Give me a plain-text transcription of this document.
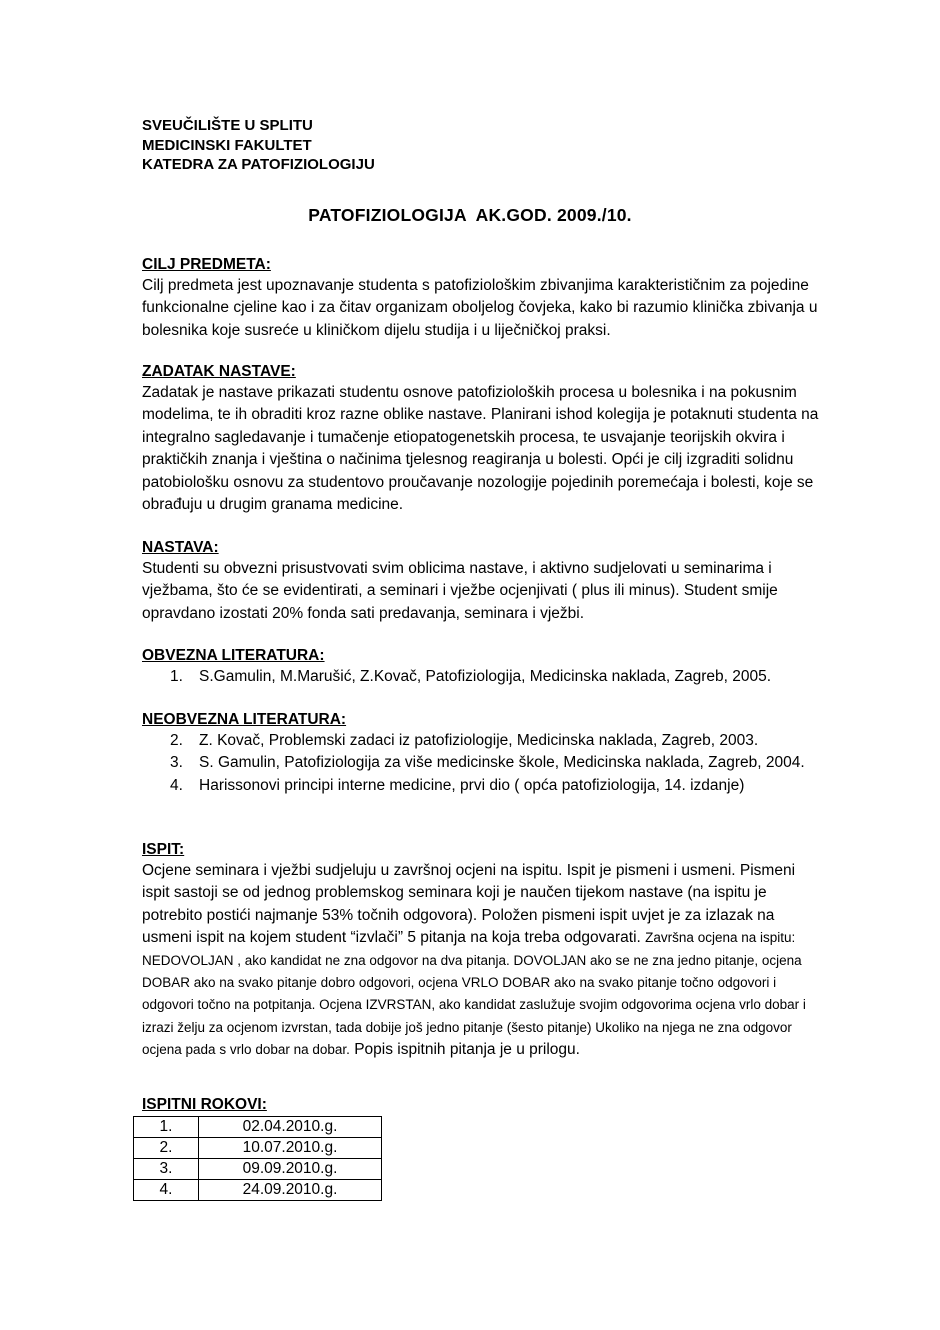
SVEUČILIŠTE U SPLITU
MEDICINSKI FAKULTET
KATEDRA ZA PATOFIZIOLOGIJU
PATOFIZIOLOGIJA  AK.GOD. 2009./10.
CILJ PREDMETA:

Cilj predmeta jest upoznavanje studenta s patofiziološkim zbivanjima karakterističnim za pojedine funkcionalne cjeline kao i za čitav organizam oboljelog čovjeka, kako bi razumio klinička zbivanja u bolesnika koje susreće u kliničkom dijelu studija i u liječničkoj praksi.

ZADATAK NASTAVE:

Zadatak je nastave prikazati studentu osnove patofizioloških procesa u bolesnika i na pokusnim modelima, te ih obraditi kroz razne oblike nastave. Planirani ishod kolegija je potaknuti studenta na integralno sagledavanje i tumačenje etiopatogenetskih procesa, te usvajanje teorijskih okvira i praktičkih znanja i vještina o načinima tjelesnog reagiranja u bolesti. Opći je cilj izgraditi solidnu patobiološku osnovu za studentovo proučavanje nozologije pojedinih poremećaja i bolesti, koje se obrađuju u drugim granama medicine.

NASTAVA:

Studenti su obvezni prisustvovati svim oblicima nastave, i aktivno sudjelovati u seminarima i vježbama, što će se evidentirati, a seminari i vježbe ocjenjivati ( plus ili minus). Student smije opravdano izostati 20% fonda sati predavanja, seminara i vježbi.

OBVEZNA LITERATURA:
1. S.Gamulin, M.Marušić, Z.Kovač, Patofiziologija, Medicinska naklada, Zagreb, 2005.
NEOBVEZNA LITERATURA:
2. Z. Kovač, Problemski zadaci iz patofiziologije, Medicinska naklada, Zagreb, 2003.
3. S. Gamulin, Patofiziologija za više medicinske škole, Medicinska naklada, Zagreb, 2004.
4. Harissonovi principi interne medicine, prvi dio ( opća patofiziologija, 14. izdanje)
ISPIT:

Ocjene seminara i vježbi sudjeluju u završnoj ocjeni na ispitu. Ispit je pismeni i usmeni. Pismeni ispit sastoji se od jednog problemskog seminara koji je naučen tijekom nastave (na ispitu je potrebito postići najmanje 53% točnih odgovora). Položen pismeni ispit uvjet je za izlazak na usmeni ispit na kojem student “izvlači” 5 pitanja na koja treba odgovarati. Završna ocjena na ispitu: NEDOVOLJAN , ako kandidat ne zna odgovor na dva pitanja. DOVOLJAN ako se ne zna jedno pitanje, ocjena DOBAR ako na svako pitanje dobro odgovori, ocjena VRLO DOBAR ako na svako pitanje točno odgovori i odgovori točno na potpitanja. Ocjena IZVRSTAN, ako kandidat zaslužuje svojim odgovorima ocjena vrlo dobar i izrazi želju za ocjenom izvrstan, tada dobije još jedno pitanje (šesto pitanje) Ukoliko na njega ne zna odgovor ocjena pada s vrlo dobar na dobar. Popis ispitnih pitanja je u prilogu.

ISPITNI ROKOVI:
1.	02.04.2010.g.
2.	10.07.2010.g.
3.	09.09.2010.g.
4.	24.09.2010.g.
